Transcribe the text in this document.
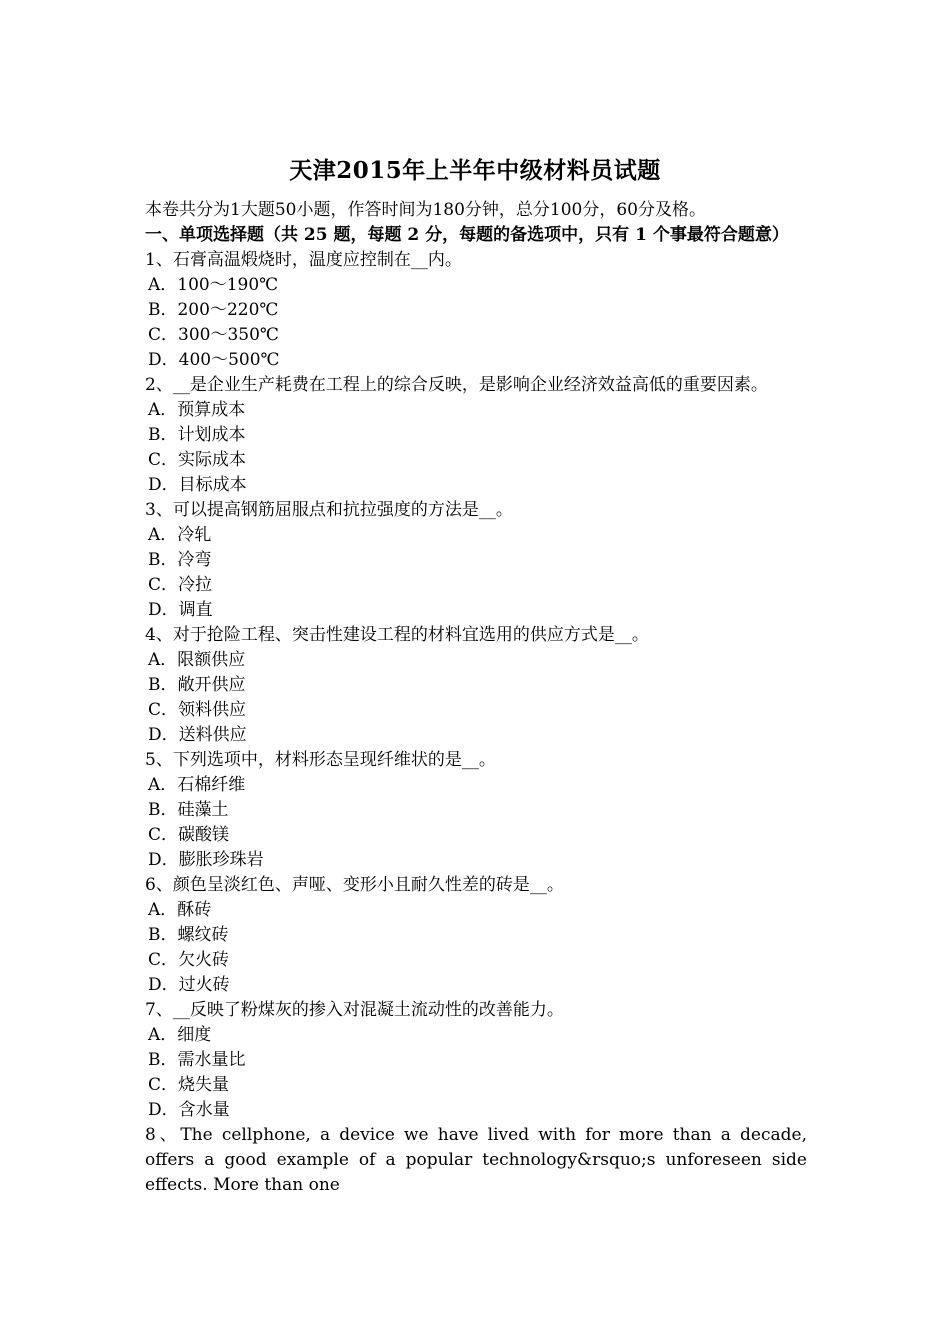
天津2015年上半年中级材料员试题
本卷共分为1大题50小题，作答时间为180分钟，总分100分，60分及格。
一、单项选择题（共 25 题，每题 2 分，每题的备选项中，只有 1 个事最符合题意）
1、石膏高温煅烧时，温度应控制在__内。
A．100～190℃
B．200～220℃
C．300～350℃
D．400～500℃
2、__是企业生产耗费在工程上的综合反映，是影响企业经济效益高低的重要因素。
A．预算成本
B．计划成本
C．实际成本
D．目标成本
3、可以提高钢筋屈服点和抗拉强度的方法是__。
A．冷轧
B．冷弯
C．冷拉
D．调直
4、对于抢险工程、突击性建设工程的材料宜选用的供应方式是__。
A．限额供应
B．敞开供应
C．领料供应
D．送料供应
5、下列选项中，材料形态呈现纤维状的是__。
A．石棉纤维
B．硅藻土
C．碳酸镁
D．膨胀珍珠岩
6、颜色呈淡红色、声哑、变形小且耐久性差的砖是__。
A．酥砖
B．螺纹砖
C．欠火砖
D．过火砖
7、__反映了粉煤灰的掺入对混凝土流动性的改善能力。
A．细度
B．需水量比
C．烧失量
D．含水量
8、The cellphone, a device we have lived with for more than a decade, offers a good example of a popular technology&rsquo;s unforeseen side effects. More than one
